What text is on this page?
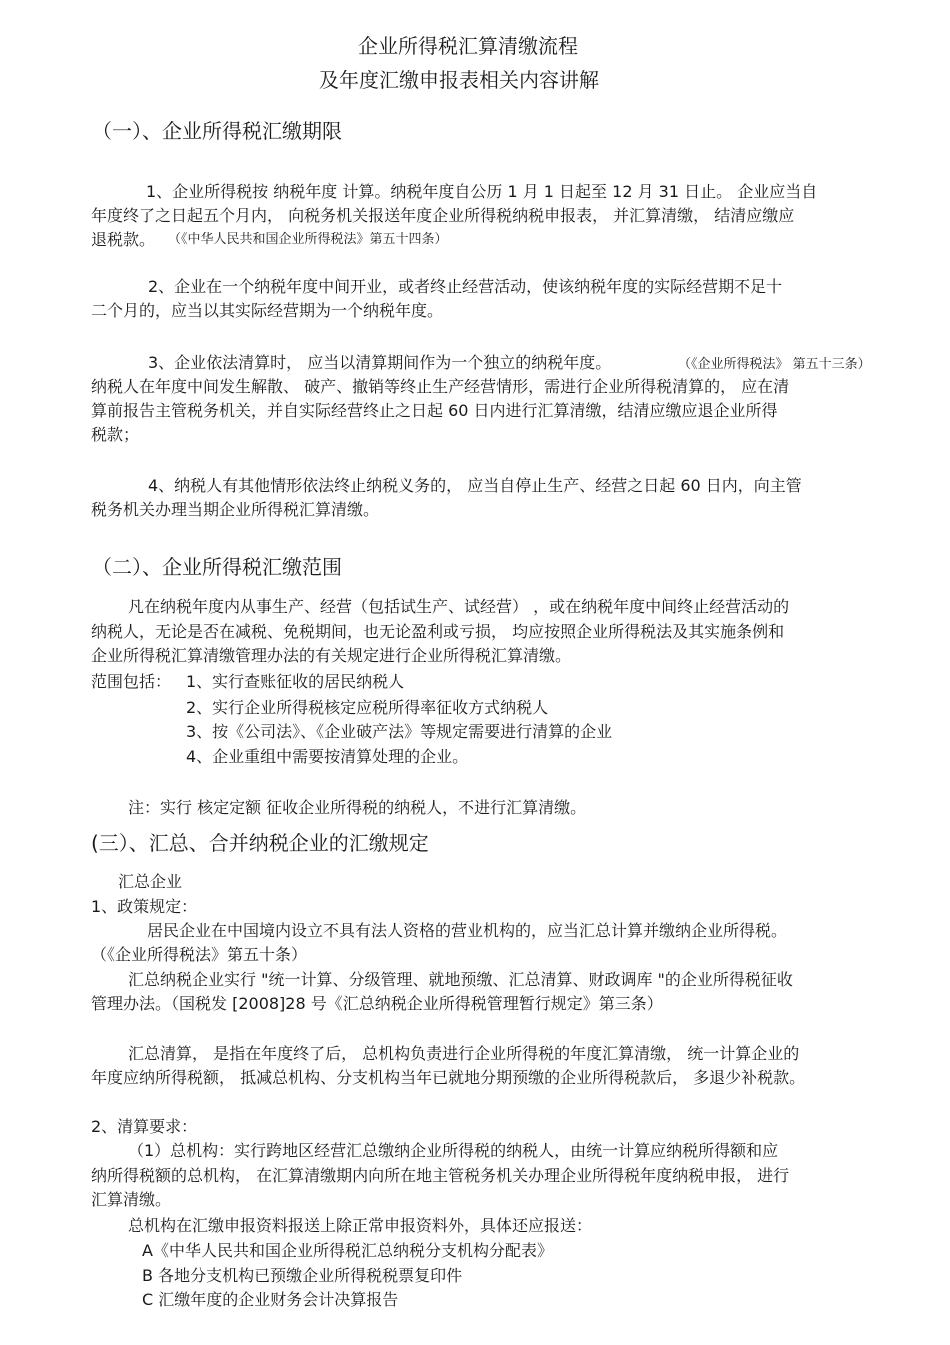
企业所得税汇算清缴流程
及年度汇缴申报表相关内容讲解
（一）、企业所得税汇缴期限
1、企业所得税按 纳税年度 计算。纳税年度自公历 1 月 1 日起至 12 月 31 日止。 企业应当自
年度终了之日起五个月内， 向税务机关报送年度企业所得税纳税申报表， 并汇算清缴， 结清应缴应
退税款。 （《中华人民共和国企业所得税法》第五十四条）
2、企业在一个纳税年度中间开业，或者终止经营活动，使该纳税年度的实际经营期不足十
二个月的，应当以其实际经营期为一个纳税年度。
3、企业依法清算时， 应当以清算期间作为一个独立的纳税年度。	（《企业所得税法》 第五十三条）
纳税人在年度中间发生解散、 破产、撤销等终止生产经营情形，需进行企业所得税清算的， 应在清
算前报告主管税务机关，并自实际经营终止之日起 60 日内进行汇算清缴，结清应缴应退企业所得
税款；
4、纳税人有其他情形依法终止纳税义务的， 应当自停止生产、经营之日起 60 日内，向主管
税务机关办理当期企业所得税汇算清缴。
（二）、企业所得税汇缴范围
凡在纳税年度内从事生产、经营（包括试生产、试经营） ，或在纳税年度中间终止经营活动的
纳税人，无论是否在减税、免税期间，也无论盈利或亏损， 均应按照企业所得税法及其实施条例和
企业所得税汇算清缴管理办法的有关规定进行企业所得税汇算清缴。
范围包括： 1、实行查账征收的居民纳税人
2、实行企业所得税核定应税所得率征收方式纳税人
3、按《公司法》、《企业破产法》等规定需要进行清算的企业
4、企业重组中需要按清算处理的企业。
注：实行 核定定额 征收企业所得税的纳税人，不进行汇算清缴。
(三）、汇总、合并纳税企业的汇缴规定
汇总企业
1、政策规定：
居民企业在中国境内设立不具有法人资格的营业机构的，应当汇总计算并缴纳企业所得税。
（《企业所得税法》第五十条）
汇总纳税企业实行 "统一计算、分级管理、就地预缴、汇总清算、财政调库 "的企业所得税征收
管理办法。（国税发 [2008]28 号《汇总纳税企业所得税管理暂行规定》第三条）
汇总清算， 是指在年度终了后， 总机构负责进行企业所得税的年度汇算清缴， 统一计算企业的
年度应纳所得税额， 抵减总机构、分支机构当年已就地分期预缴的企业所得税款后， 多退少补税款。
2、清算要求：
（1）总机构：实行跨地区经营汇总缴纳企业所得税的纳税人，由统一计算应纳税所得额和应
纳所得税额的总机构， 在汇算清缴期内向所在地主管税务机关办理企业所得税年度纳税申报， 进行
汇算清缴。
总机构在汇缴申报资料报送上除正常申报资料外，具体还应报送：
A《中华人民共和国企业所得税汇总纳税分支机构分配表》
B 各地分支机构已预缴企业所得税税票复印件
C 汇缴年度的企业财务会计决算报告
